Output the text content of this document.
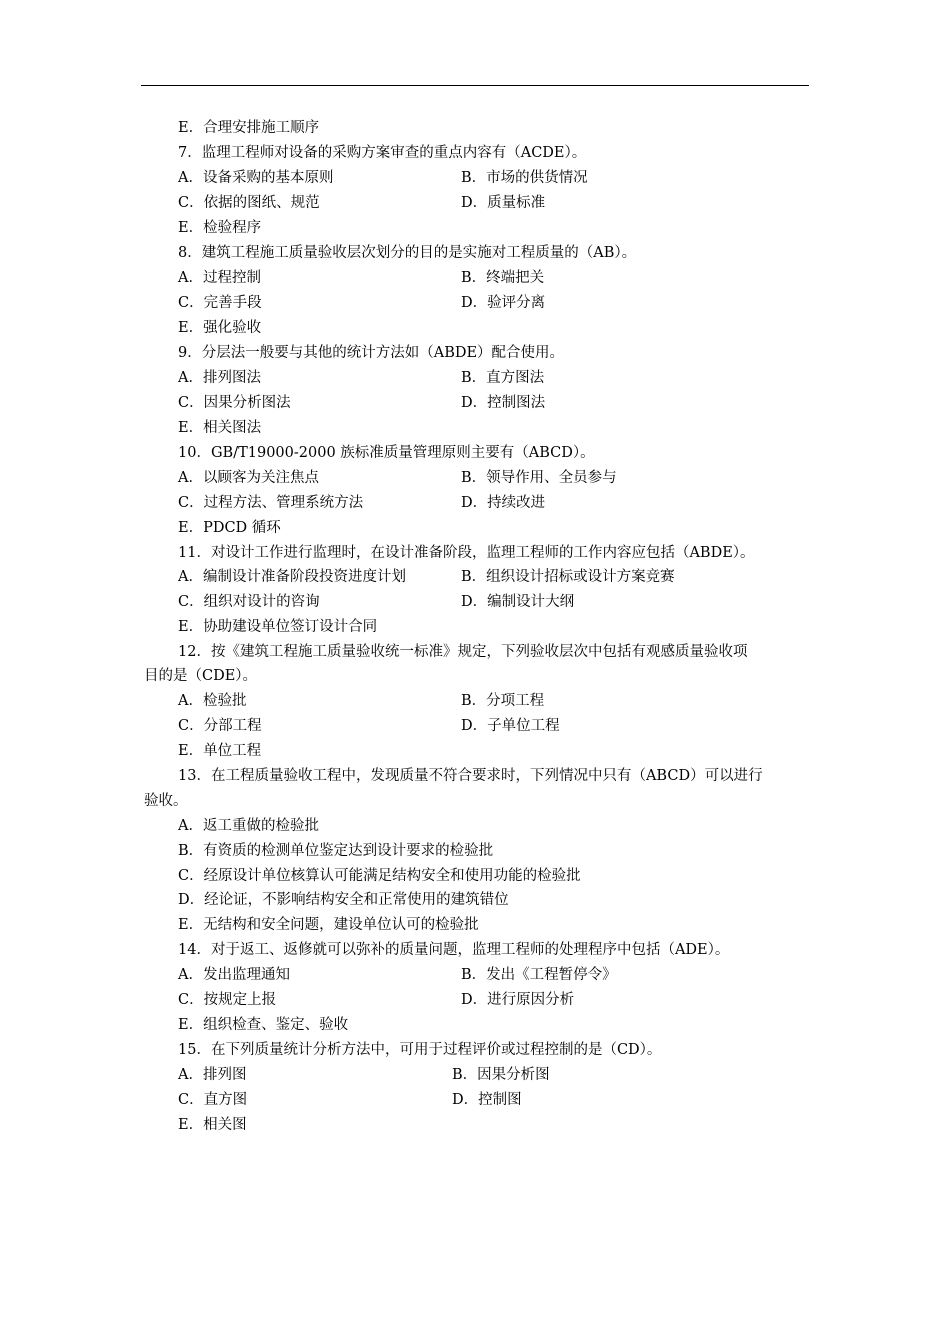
E．合理安排施工顺序
7．监理工程师对设备的采购方案审查的重点内容有（ACDE）。
A．设备采购的基本原则	B．市场的供货情况
C．依据的图纸、规范	D．质量标准
E．检验程序
8．建筑工程施工质量验收层次划分的目的是实施对工程质量的（AB）。
A．过程控制	B．终端把关
C．完善手段	D．验评分离
E．强化验收
9．分层法一般要与其他的统计方法如（ABDE）配合使用。
A．排列图法	B．直方图法
C．因果分析图法	D．控制图法
E．相关图法
10．GB/T19000-2000 族标准质量管理原则主要有（ABCD）。
A．以顾客为关注焦点	B．领导作用、全员参与
C．过程方法、管理系统方法	D．持续改进
E．PDCD 循环
11．对设计工作进行监理时，在设计准备阶段，监理工程师的工作内容应包括（ABDE）。
A．编制设计准备阶段投资进度计划	B．组织设计招标或设计方案竞赛
C．组织对设计的咨询	D．编制设计大纲
E．协助建设单位签订设计合同
12．按《建筑工程施工质量验收统一标准》规定，下列验收层次中包括有观感质量验收项
目的是（CDE）。
A．检验批	B．分项工程
C．分部工程	D．子单位工程
E．单位工程
13．在工程质量验收工程中，发现质量不符合要求时，下列情况中只有（ABCD）可以进行
验收。
A．返工重做的检验批
B．有资质的检测单位鉴定达到设计要求的检验批
C．经原设计单位核算认可能满足结构安全和使用功能的检验批
D．经论证，不影响结构安全和正常使用的建筑错位
E．无结构和安全问题，建设单位认可的检验批
14．对于返工、返修就可以弥补的质量问题，监理工程师的处理程序中包括（ADE）。
A．发出监理通知	B．发出《工程暂停令》
C．按规定上报	D．进行原因分析
E．组织检查、鉴定、验收
15．在下列质量统计分析方法中，可用于过程评价或过程控制的是（CD）。
A．排列图	B．因果分析图
C．直方图	D．控制图
E．相关图
